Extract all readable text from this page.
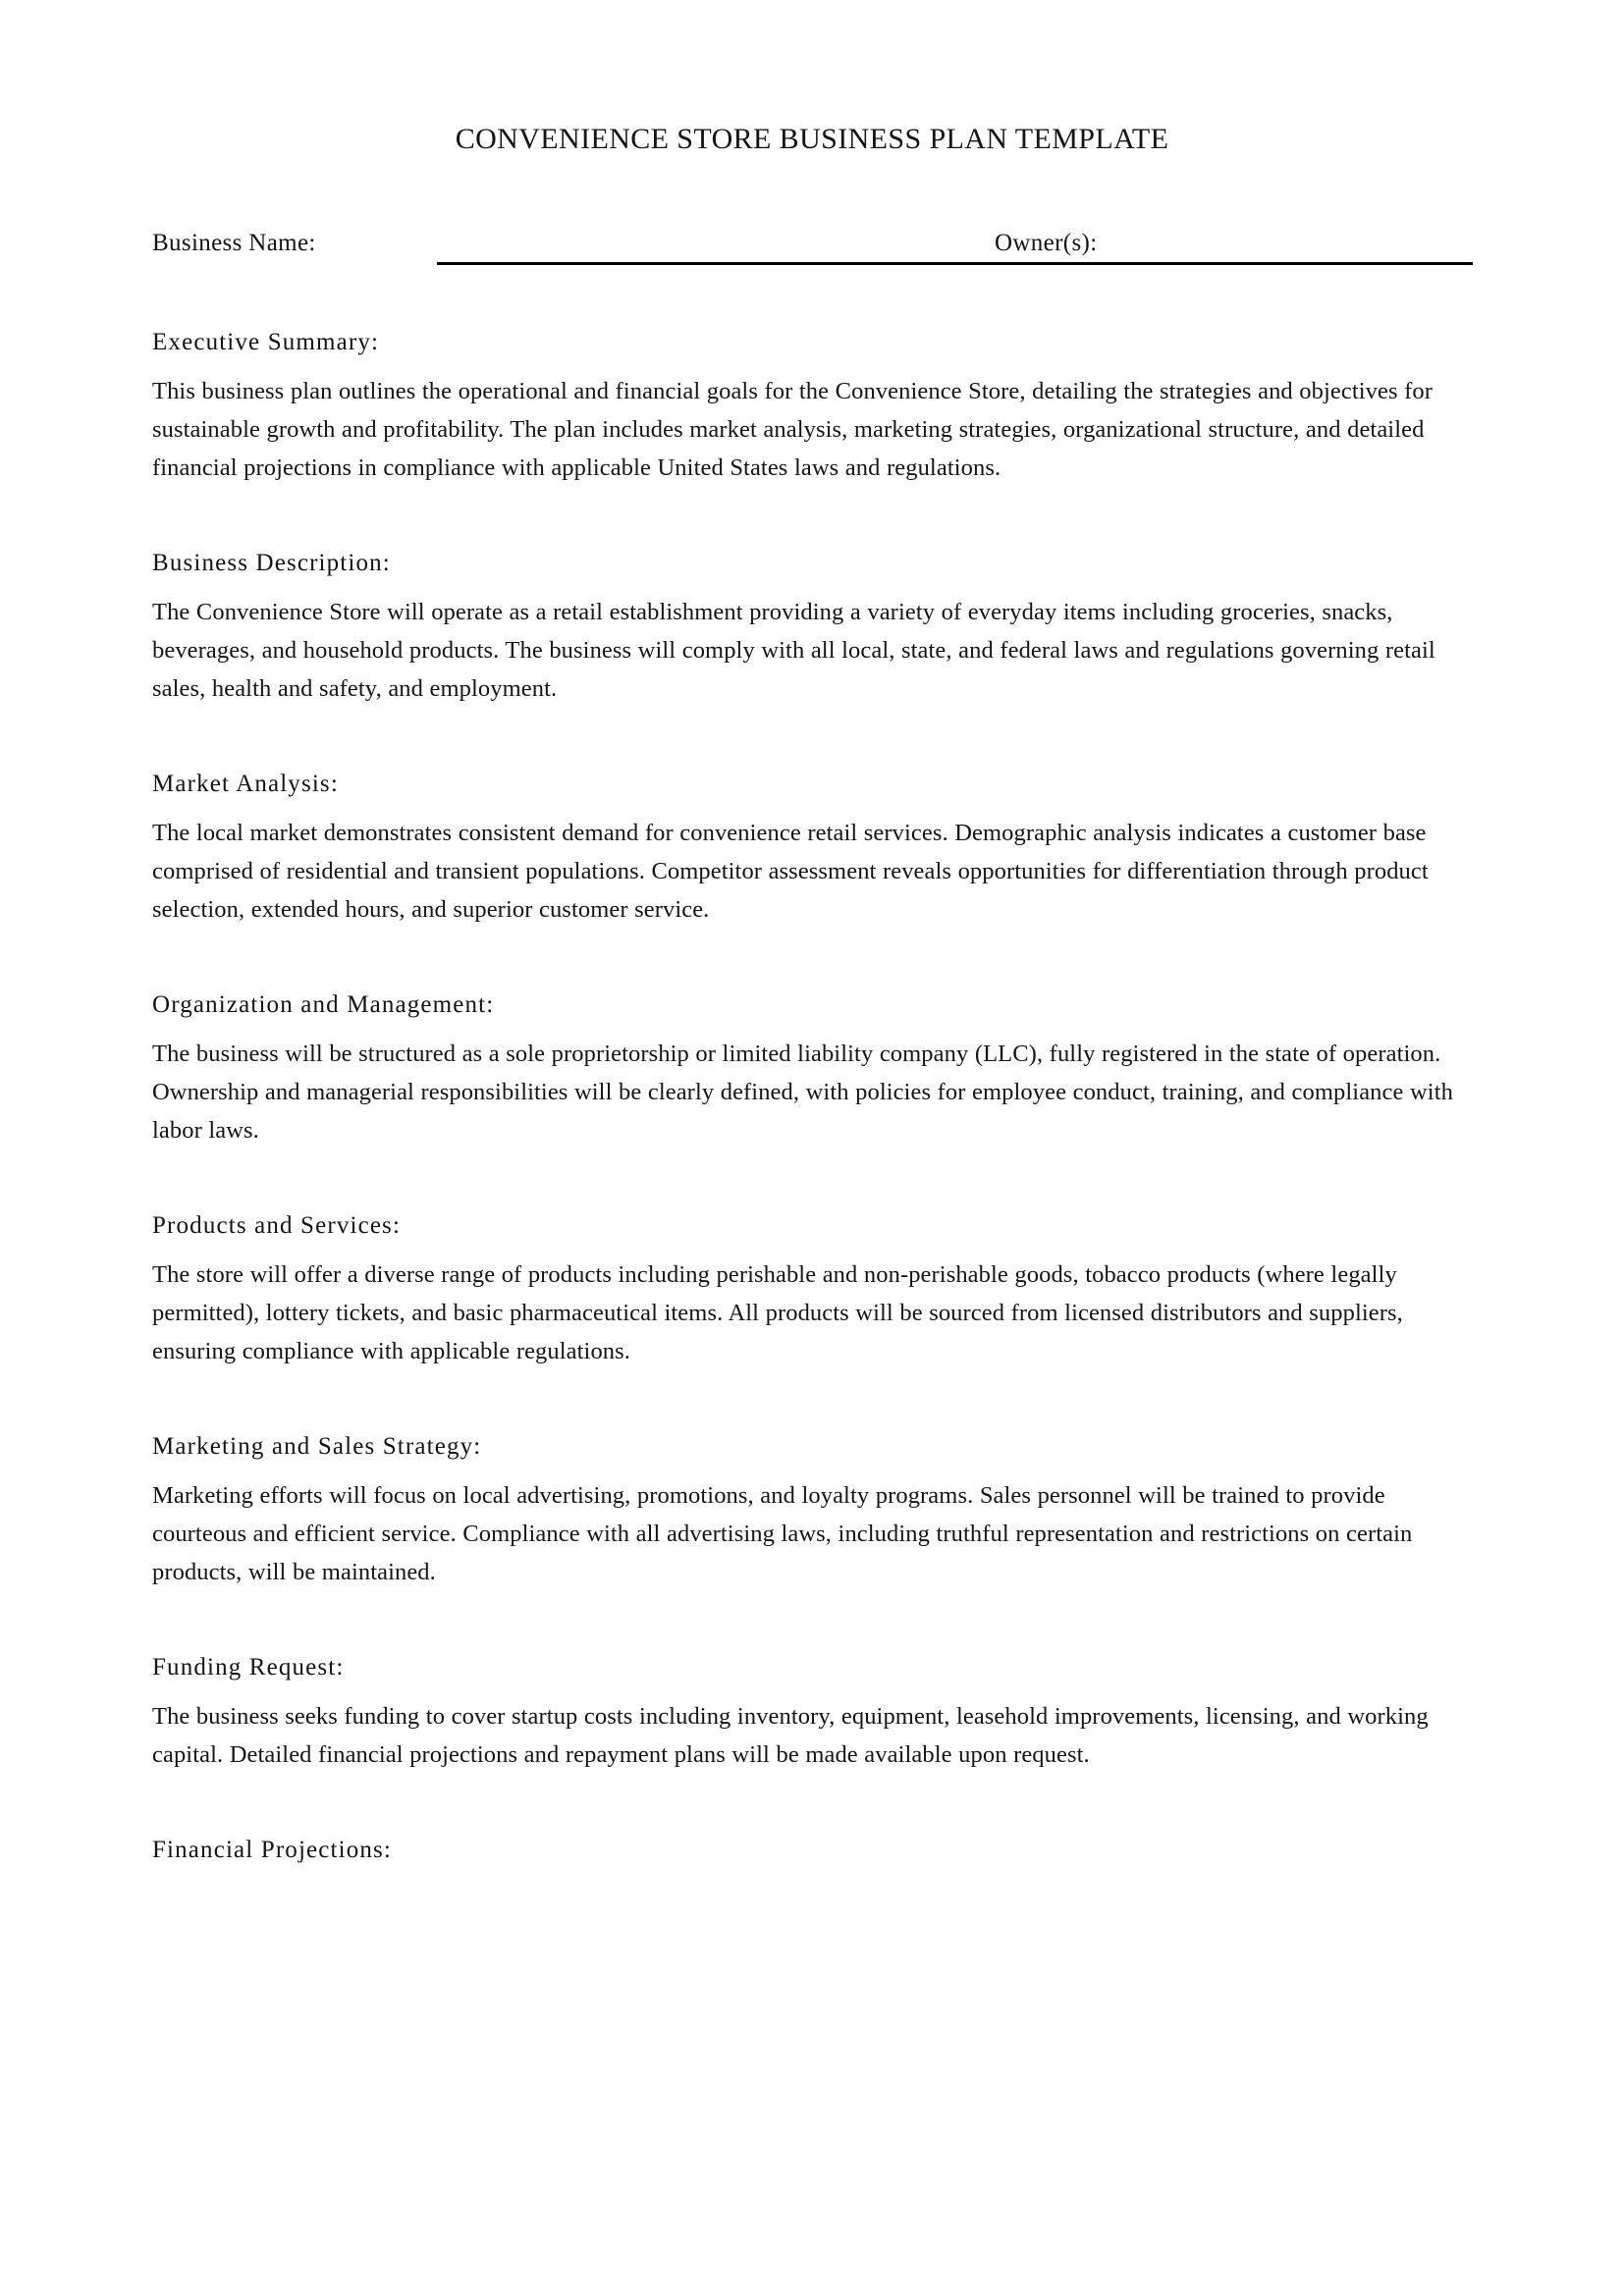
CONVENIENCE STORE BUSINESS PLAN TEMPLATE
Business Name:	Owner(s):
Executive Summary:

This business plan outlines the operational and financial goals for the Convenience Store, detailing the strategies and objectives for sustainable growth and profitability. The plan includes market analysis, marketing strategies, organizational structure, and detailed financial projections in compliance with applicable United States laws and regulations.

Business Description:

The Convenience Store will operate as a retail establishment providing a variety of everyday items including groceries, snacks, beverages, and household products. The business will comply with all local, state, and federal laws and regulations governing retail sales, health and safety, and employment.

Market Analysis:

The local market demonstrates consistent demand for convenience retail services. Demographic analysis indicates a customer base comprised of residential and transient populations. Competitor assessment reveals opportunities for differentiation through product selection, extended hours, and superior customer service.

Organization and Management:

The business will be structured as a sole proprietorship or limited liability company (LLC), fully registered in the state of operation. Ownership and managerial responsibilities will be clearly defined, with policies for employee conduct, training, and compliance with labor laws.

Products and Services:

The store will offer a diverse range of products including perishable and non-perishable goods, tobacco products (where legally permitted), lottery tickets, and basic pharmaceutical items. All products will be sourced from licensed distributors and suppliers, ensuring compliance with applicable regulations.

Marketing and Sales Strategy:

Marketing efforts will focus on local advertising, promotions, and loyalty programs. Sales personnel will be trained to provide courteous and efficient service. Compliance with all advertising laws, including truthful representation and restrictions on certain products, will be maintained.

Funding Request:

The business seeks funding to cover startup costs including inventory, equipment, leasehold improvements, licensing, and working capital. Detailed financial projections and repayment plans will be made available upon request.

Financial Projections:
